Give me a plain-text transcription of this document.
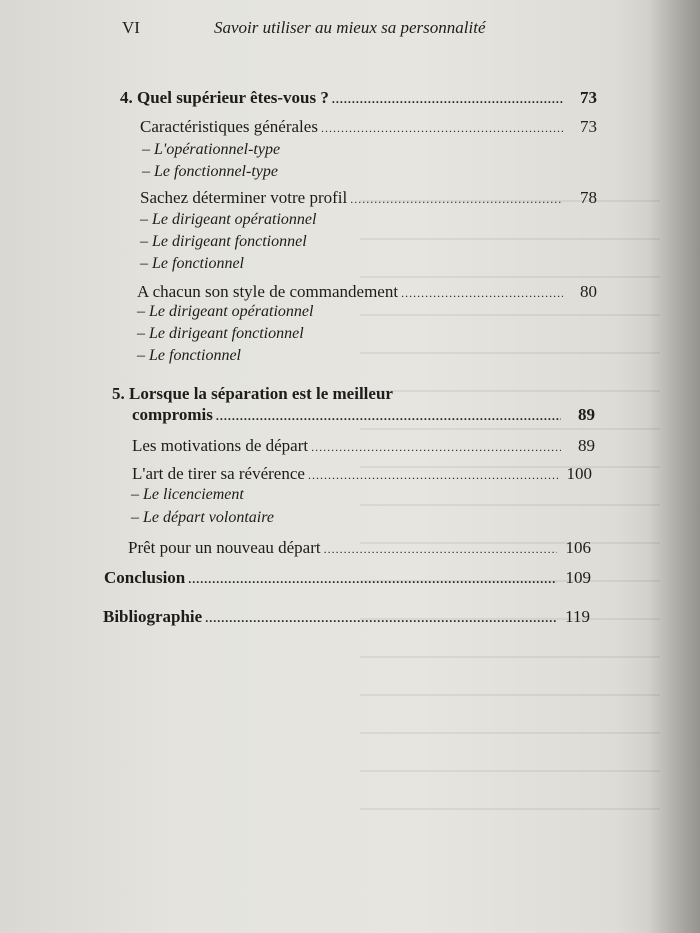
VI	Savoir utiliser au mieux sa personnalité
4. Quel supérieur êtes-vous ? .....	73
Caractéristiques générales .....	73
– L'opérationnel-type
– Le fonctionnel-type
Sachez déterminer votre profil .....	78
– Le dirigeant opérationnel
– Le dirigeant fonctionnel
– Le fonctionnel
A chacun son style de commandement .....	80
– Le dirigeant opérationnel
– Le dirigeant fonctionnel
– Le fonctionnel
5. Lorsque la séparation est le meilleur
compromis .....	89
Les motivations de départ .....	89
L'art de tirer sa révérence .....	100
– Le licenciement
– Le départ volontaire
Prêt pour un nouveau départ .....	106
Conclusion .....	109
Bibliographie .....	119
